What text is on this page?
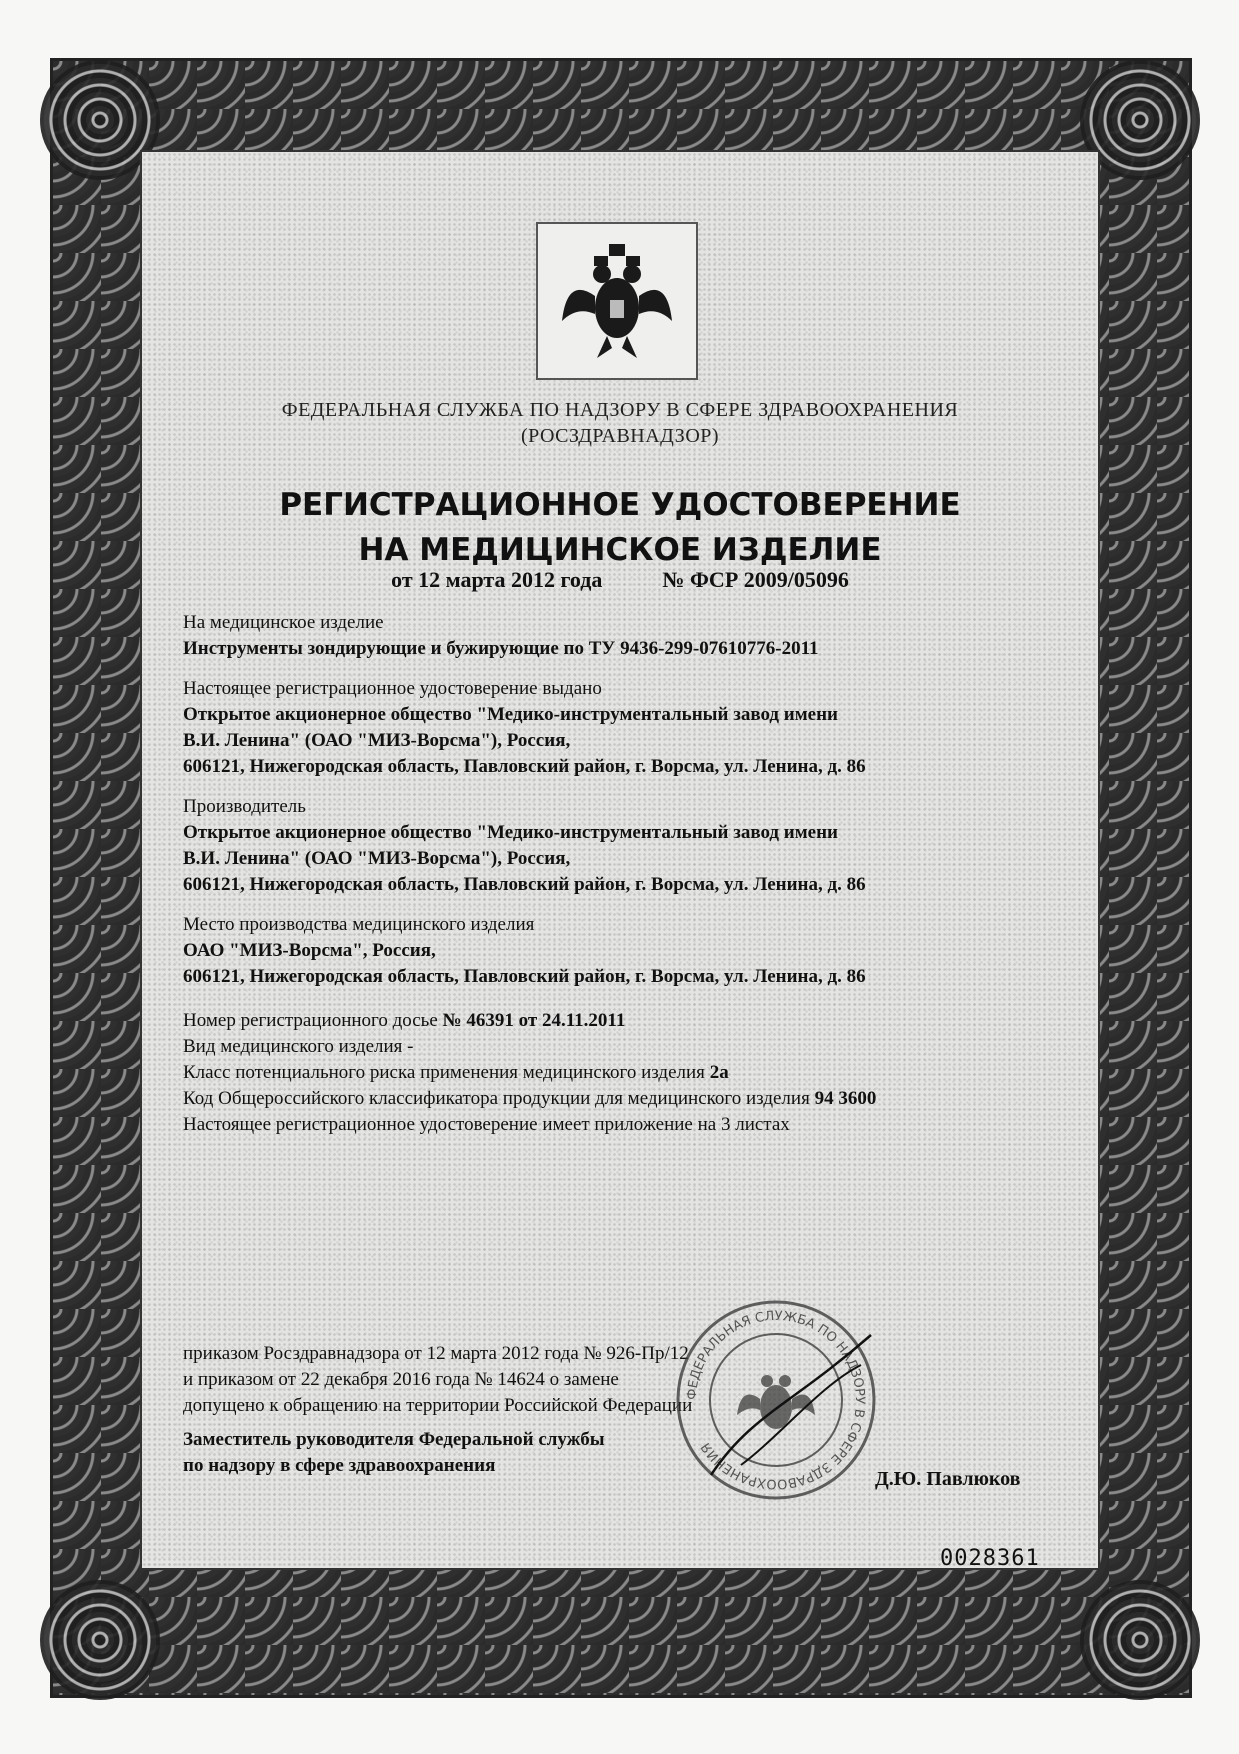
ФЕДЕРАЛЬНАЯ СЛУЖБА ПО НАДЗОРУ В СФЕРЕ ЗДРАВООХРАНЕНИЯ
(РОСЗДРАВНАДЗОР)
РЕГИСТРАЦИОННОЕ УДОСТОВЕРЕНИЕ
НА МЕДИЦИНСКОЕ ИЗДЕЛИЕ
от 12 марта 2012 года	№ ФСР 2009/05096

На медицинское изделие

Инструменты зондирующие и бужирующие по ТУ 9436-299-07610776-2011

Настоящее регистрационное удостоверение выдано

Открытое акционерное общество "Медико-инструментальный завод имени

В.И. Ленина" (ОАО "МИЗ-Ворсма"), Россия,

606121, Нижегородская область, Павловский район, г. Ворсма, ул. Ленина, д. 86

Производитель

Открытое акционерное общество "Медико-инструментальный завод имени

В.И. Ленина" (ОАО "МИЗ-Ворсма"), Россия,

606121, Нижегородская область, Павловский район, г. Ворсма, ул. Ленина, д. 86

Место производства медицинского изделия

ОАО "МИЗ-Ворсма", Россия,

606121, Нижегородская область, Павловский район, г. Ворсма, ул. Ленина, д. 86

Номер регистрационного досье № 46391 от 24.11.2011

Вид медицинского изделия -

Класс потенциального риска применения медицинского изделия 2а

Код Общероссийского классификатора продукции для медицинского изделия 94 3600

Настоящее регистрационное удостоверение имеет приложение на 3 листах

приказом Росздравнадзора от 12 марта 2012 года № 926-Пр/12

и приказом от 22 декабря 2016 года № 14624 о замене

допущено к обращению на территории Российской Федерации

Заместитель руководителя Федеральной службы

по надзору в сфере здравоохранения

Д.Ю. Павлюков
ФЕДЕРАЛЬНАЯ СЛУЖБА ПО НАДЗОРУ В СФЕРЕ ЗДРАВООХРАНЕНИЯ
0028361
